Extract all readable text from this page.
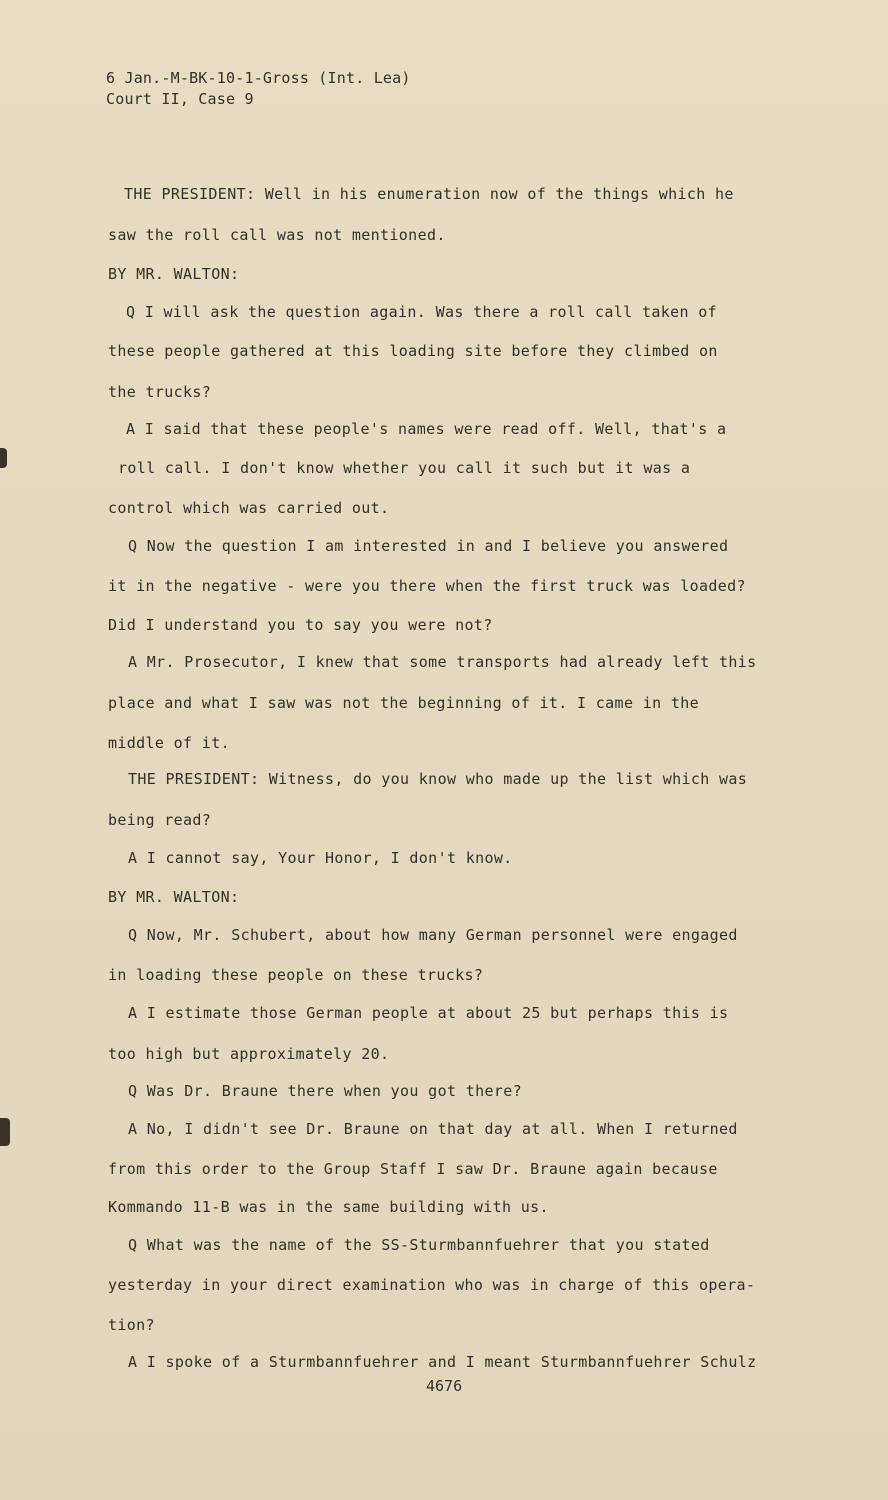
6 Jan.-M-BK-10-1-Gross (Int. Lea)
Court II, Case 9
THE PRESIDENT: Well in his enumeration now of the things which he
saw the roll call was not mentioned.
BY MR. WALTON:
Q I will ask the question again. Was there a roll call taken of
these people gathered at this loading site before they climbed on
the trucks?
A I said that these people's names were read off. Well, that's a
roll call. I don't know whether you call it such but it was a
control which was carried out.
Q Now the question I am interested in and I believe you answered
it in the negative - were you there when the first truck was loaded?
Did I understand you to say you were not?
A Mr. Prosecutor, I knew that some transports had already left this
place and what I saw was not the beginning of it. I came in the
middle of it.
THE PRESIDENT: Witness, do you know who made up the list which was
being read?
A I cannot say, Your Honor, I don't know.
BY MR. WALTON:
Q Now, Mr. Schubert, about how many German personnel were engaged
in loading these people on these trucks?
A I estimate those German people at about 25 but perhaps this is
too high but approximately 20.
Q Was Dr. Braune there when you got there?
A No, I didn't see Dr. Braune on that day at all. When I returned
from this order to the Group Staff I saw Dr. Braune again because
Kommando 11-B was in the same building with us.
Q What was the name of the SS-Sturmbannfuehrer that you stated
yesterday in your direct examination who was in charge of this opera-
tion?
A I spoke of a Sturmbannfuehrer and I meant Sturmbannfuehrer Schulz
4676
